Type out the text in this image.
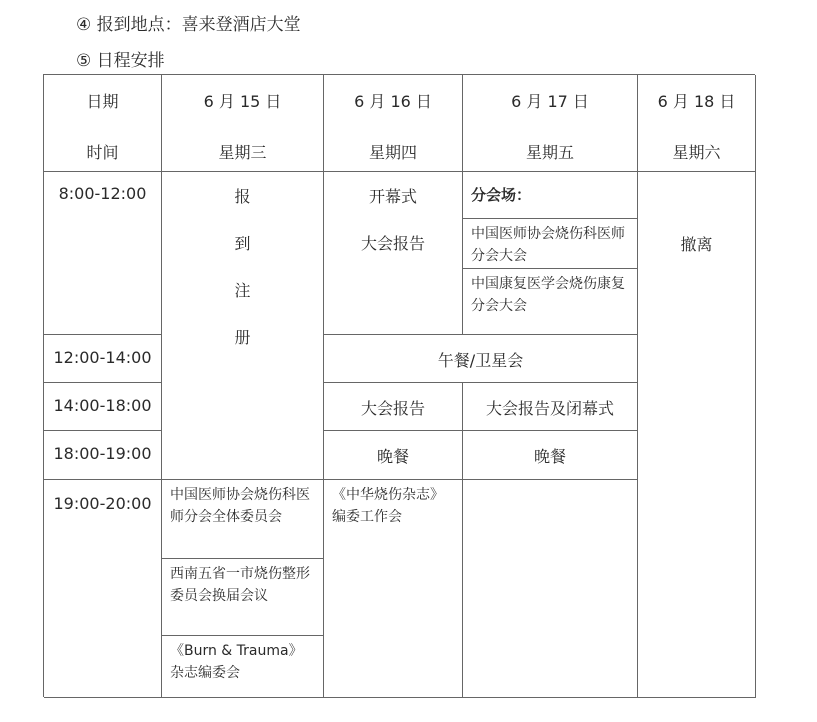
④ 报到地点：喜来登酒店大堂
⑤ 日程安排
日期
时间
6 月 15 日
星期三
6 月 16 日
星期四
6 月 17 日
星期五
6 月 18 日
星期六
8:00-12:00
12:00-14:00
14:00-18:00
18:00-19:00
19:00-20:00
报
到
注
册
中国医师协会烧伤科医师分会全体委员会
西南五省一市烧伤整形委员会换届会议
《Burn & Trauma》杂志编委会
开幕式
大会报告
午餐/卫星会
大会报告
晚餐
《中华烧伤杂志》编委工作会
分会场：
中国医师协会烧伤科医师分会大会
中国康复医学会烧伤康复分会大会
大会报告及闭幕式
晚餐
撤离
